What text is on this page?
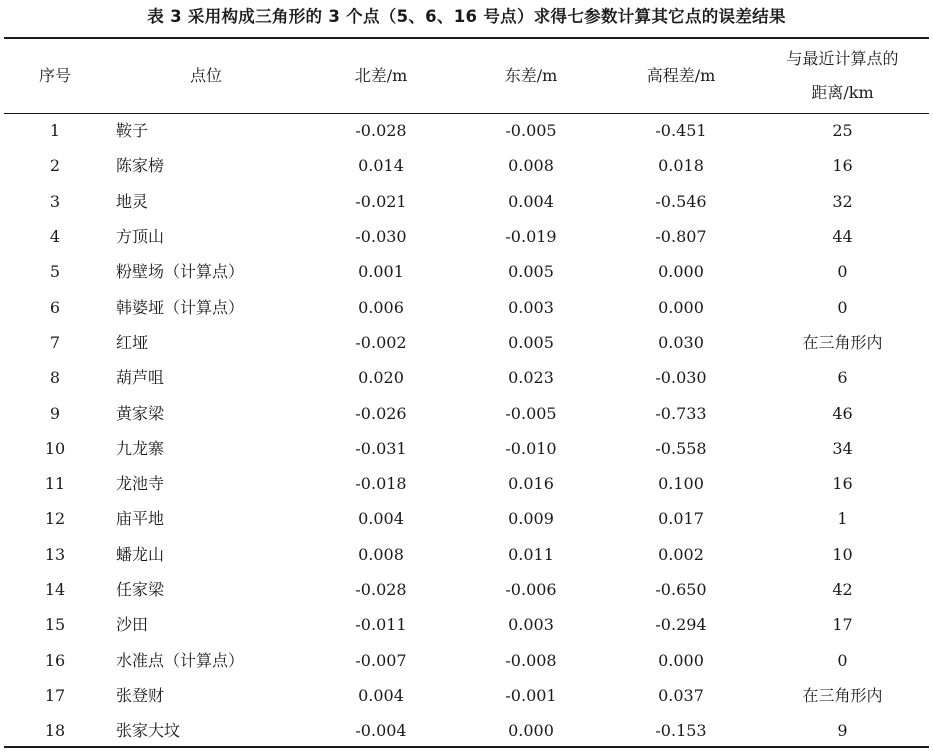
表 3 采用构成三角形的 3 个点（5、6、16 号点）求得七参数计算其它点的误差结果
序号	点位	北差/m	东差/m	高程差/m	与最近计算点的
距离/km

1	鞍子	-0.028	-0.005	-0.451	25
2	陈家榜	0.014	0.008	0.018	16
3	地灵	-0.021	0.004	-0.546	32
4	方顶山	-0.030	-0.019	-0.807	44
5	粉壁场（计算点）	0.001	0.005	0.000	0
6	韩婆垭（计算点）	0.006	0.003	0.000	0
7	红垭	-0.002	0.005	0.030	在三角形内
8	葫芦咀	0.020	0.023	-0.030	6
9	黄家梁	-0.026	-0.005	-0.733	46
10	九龙寨	-0.031	-0.010	-0.558	34
11	龙池寺	-0.018	0.016	0.100	16
12	庙平地	0.004	0.009	0.017	1
13	蟠龙山	0.008	0.011	0.002	10
14	任家梁	-0.028	-0.006	-0.650	42
15	沙田	-0.011	0.003	-0.294	17
16	水准点（计算点）	-0.007	-0.008	0.000	0
17	张登财	0.004	-0.001	0.037	在三角形内
18	张家大坟	-0.004	0.000	-0.153	9
